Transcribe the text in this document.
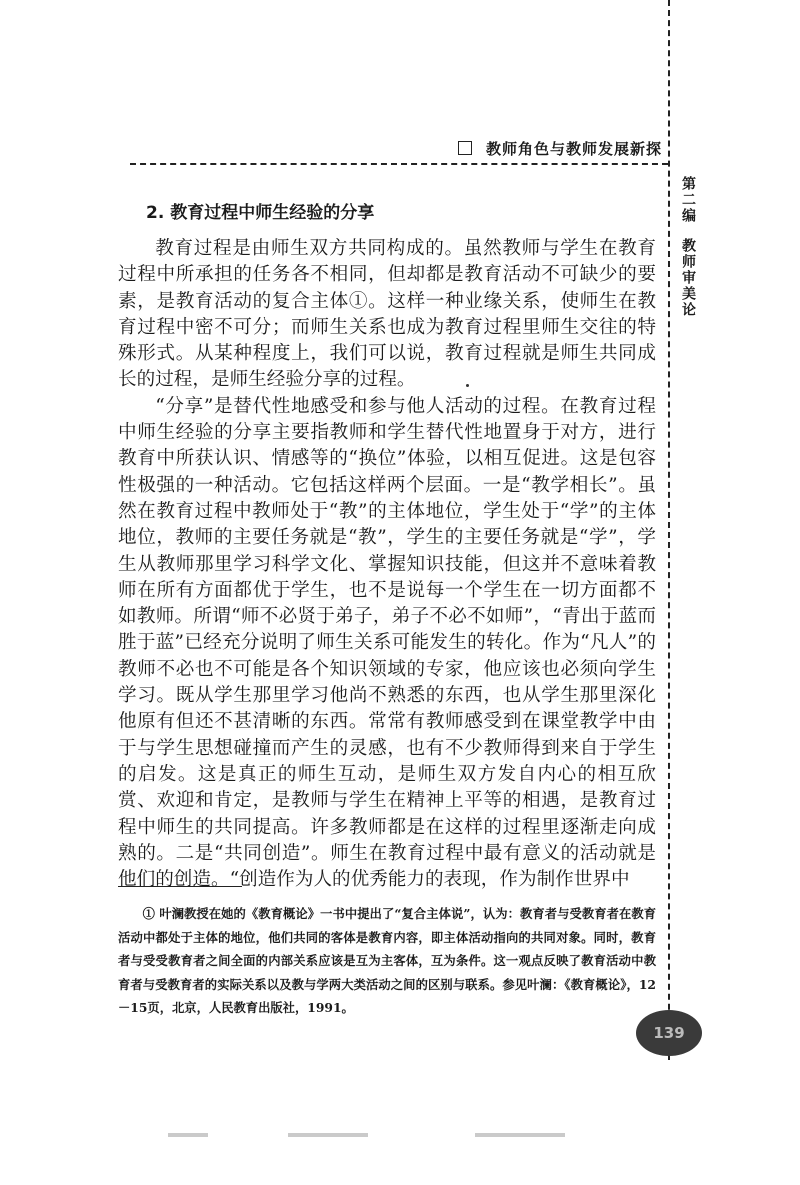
教师角色与教师发展新探
第二编
教师审美论
2. 教育过程中师生经验的分享

教育过程是由师生双方共同构成的。虽然教师与学生在教育过程中所承担的任务各不相同，但却都是教育活动不可缺少的要素，是教育活动的复合主体①。这样一种业缘关系，使师生在教育过程中密不可分；而师生关系也成为教育过程里师生交往的特殊形式。从某种程度上，我们可以说，教育过程就是师生共同成长的过程，是师生经验分享的过程。

“分享”是替代性地感受和参与他人活动的过程。在教育过程中师生经验的分享主要指教师和学生替代性地置身于对方，进行教育中所获认识、情感等的“换位”体验，以相互促进。这是包容性极强的一种活动。它包括这样两个层面。一是“教学相长”。虽然在教育过程中教师处于“教”的主体地位，学生处于“学”的主体地位，教师的主要任务就是“教”，学生的主要任务就是“学”，学生从教师那里学习科学文化、掌握知识技能，但这并不意味着教师在所有方面都优于学生，也不是说每一个学生在一切方面都不如教师。所谓“师不必贤于弟子，弟子不必不如师”，“青出于蓝而胜于蓝”已经充分说明了师生关系可能发生的转化。作为“凡人”的教师不必也不可能是各个知识领域的专家，他应该也必须向学生学习。既从学生那里学习他尚不熟悉的东西，也从学生那里深化他原有但还不甚清晰的东西。常常有教师感受到在课堂教学中由于与学生思想碰撞而产生的灵感，也有不少教师得到来自于学生的启发。这是真正的师生互动，是师生双方发自内心的相互欣赏、欢迎和肯定，是教师与学生在精神上平等的相遇，是教育过程中师生的共同提高。许多教师都是在这样的过程里逐渐走向成熟的。二是“共同创造”。师生在教育过程中最有意义的活动就是他们的创造。“创造作为人的优秀能力的表现，作为制作世界中

① 叶澜教授在她的《教育概论》一书中提出了“复合主体说”，认为：教育者与受教育者在教育活动中都处于主体的地位，他们共同的客体是教育内容，即主体活动指向的共同对象。同时，教育者与受受教育者之间全面的内部关系应该是互为主客体，互为条件。这一观点反映了教育活动中教育者与受教育者的实际关系以及教与学两大类活动之间的区别与联系。参见叶澜：《教育概论》，12－15页，北京，人民教育出版社，1991。

139
